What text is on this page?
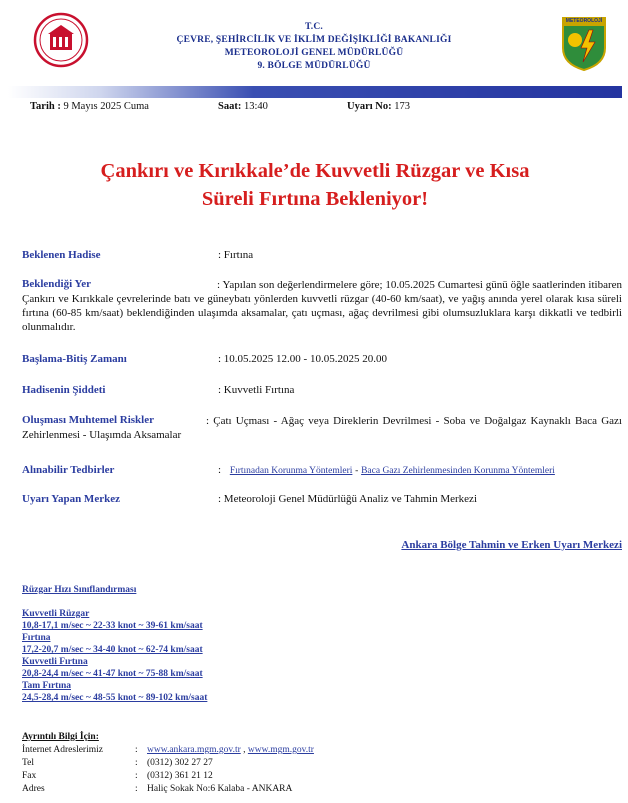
T.C.
ÇEVRE, ŞEHİRCİLİK VE İKLİM DEĞİŞİKLİĞİ BAKANLIĞI
METEOROLOJİ GENEL MÜDÜRLÜĞÜ
9. BÖLGE MÜDÜRLÜĞÜ
METEOROLOJİ
Tarih : 9 Mayıs 2025 Cuma	Saat: 13:40	Uyarı No: 173
Çankırı ve Kırıkkale’de Kuvvetli Rüzgar ve Kısa
Süreli Fırtına Bekleniyor!
Beklenen Hadise	: Fırtına
Beklendiği Yer	: Yapılan son değerlendirmelere göre; 10.05.2025 Cumartesi günü öğle saatlerinden itibaren Çankırı ve Kırıkkale çevrelerinde batı ve güneybatı yönlerden kuvvetli rüzgar (40-60 km/saat), ve yağış anında yerel olarak kısa süreli fırtına (60-85 km/saat) beklendiğinden ulaşımda aksamalar, çatı uçması, ağaç devrilmesi gibi olumsuzluklara karşı dikkatli ve tedbirli olunmalıdır.
Başlama-Bitiş Zamanı	: 10.05.2025 12.00 - 10.05.2025 20.00
Hadisenin Şiddeti	: Kuvvetli Fırtına
Oluşması Muhtemel Riskler	: Çatı Uçması - Ağaç veya Direklerin Devrilmesi - Soba ve Doğalgaz Kaynaklı Baca Gazı Zehirlenmesi - Ulaşımda Aksamalar
Alınabilir Tedbirler	: Fırtınadan Korunma Yöntemleri - Baca Gazı Zehirlenmesinden Korunma Yöntemleri
Uyarı Yapan Merkez	: Meteoroloji Genel Müdürlüğü Analiz ve Tahmin Merkezi
Ankara Bölge Tahmin ve Erken Uyarı Merkezi
Rüzgar Hızı Sınıflandırması
Kuvvetli Rüzgar
10,8-17,1 m/sec ~ 22-33 knot ~ 39-61 km/saat
Fırtına
17,2-20,7 m/sec ~ 34-40 knot ~ 62-74 km/saat
Kuvvetli Fırtına
20,8-24,4 m/sec ~ 41-47 knot ~ 75-88 km/saat
Tam Fırtına
24,5-28,4 m/sec ~ 48-55 knot ~ 89-102 km/saat
Ayrıntılı Bilgi İçin:
İnternet Adreslerimiz	: www.ankara.mgm.gov.tr , www.mgm.gov.tr
Tel	: (0312) 302 27 27
Fax	: (0312) 361 21 12
Adres	: Haliç Sokak No:6 Kalaba - ANKARA
